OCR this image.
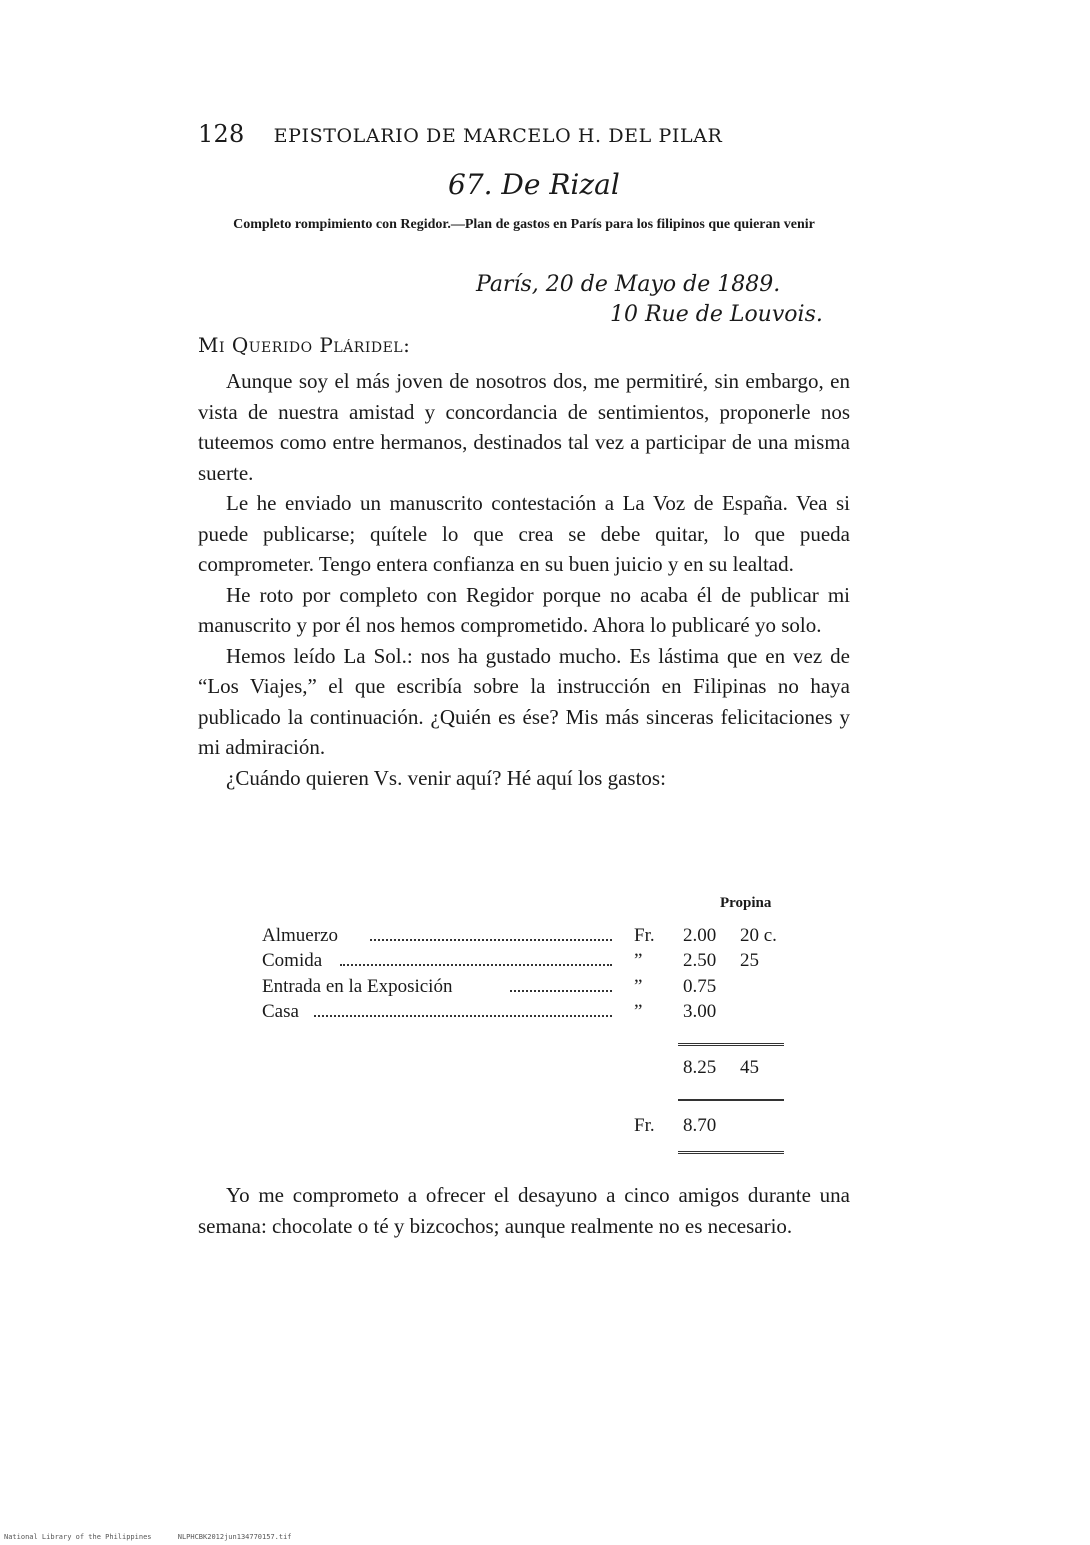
128 EPISTOLARIO DE MARCELO H. DEL PILAR
67. De Rizal
Completo rompimiento con Regidor.—Plan de gastos en París para los filipinos que quieran venir
París, 20 de Mayo de 1889.
10 Rue de Louvois.
Mi Querido Pláridel:

Aunque soy el más joven de nosotros dos, me permitiré, sin embargo, en vista de nuestra amistad y concordancia de sentimientos, proponerle nos tuteemos como entre hermanos, destinados tal vez a participar de una misma suerte.

Le he enviado un manuscrito contestación a La Voz de España. Vea si puede publicarse; quítele lo que crea se debe quitar, lo que pueda comprometer. Tengo entera confianza en su buen juicio y en su lealtad.

He roto por completo con Regidor porque no acaba él de publicar mi manuscrito y por él nos hemos comprometido. Ahora lo publicaré yo solo.

Hemos leído La Sol.: nos ha gustado mucho. Es lástima que en vez de “Los Viajes,” el que escribía sobre la instrucción en Filipinas no haya publicado la continuación. ¿Quién es ése? Mis más sinceras felicitaciones y mi admiración.

¿Cuándo quieren Vs. venir aquí? Hé aquí los gastos:

Propina
Almuerzo	Fr. 2.00 20 c.
Comida	” 2.50 25
Entrada en la Exposición	” 0.75
Casa	” 3.00
8.25 45
Fr. 8.70

Yo me comprometo a ofrecer el desayuno a cinco amigos durante una semana: chocolate o té y bizcochos; aunque realmente no es necesario.

National Library of the Philippines	NLPHCBK2012jun134770157.tif
